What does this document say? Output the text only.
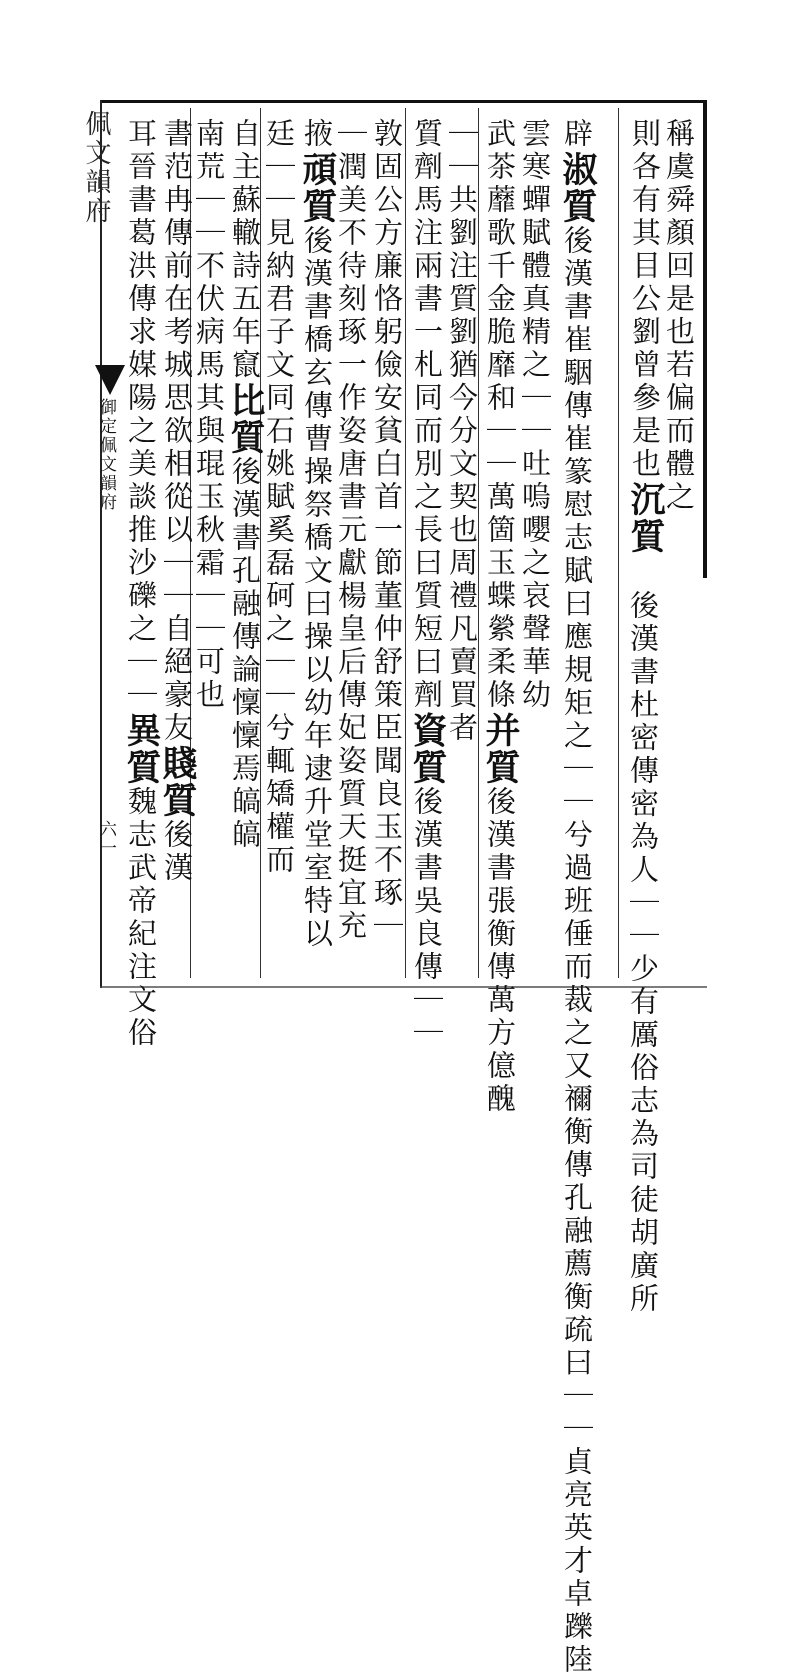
佩文韻府
御定佩文韻府
六一
稱虞舜顏回是也若偏而體之
則各有其目公劉曾參是也沉質
後漢書杜密傳密為人｜｜少有厲俗志為司徒胡廣所
辟淑質後漢書崔駰傳崔篆慰志賦曰應規矩之｜｜兮過班倕而裁之又禰衡傳孔融薦衡疏曰｜｜貞亮英才卓躒陸
雲寒蟬賦體真精之｜｜吐嗚嚶之哀聲華幼
武茶蘼歌千金脆靡和｜｜萬箇玉蝶縈柔條并質後漢書張衡傳萬方億醜
｜｜共劉注質劉猶今分文契也周禮凡賣買者
質劑馬注兩書一札同而別之長曰質短曰劑資質後漢書吳良傳｜｜
敦固公方廉恪躬儉安貧白首一節董仲舒策臣聞良玉不琢｜
｜潤美不待刻琢一作姿唐書元獻楊皇后傳妃姿質天挺宜充
掖頑質後漢書橋玄傳曹操祭橋文曰操以幼年逮升堂室特以
廷｜｜見納君子文同石姚賦奚磊砢之｜｜兮輒矯權而
自主蘇轍詩五年竄比質後漢書孔融傳論懍懍焉皜皜
南荒｜｜不伏病馬其與琨玉秋霜｜｜可也
書范冉傳前在考城思欲相從以｜｜自絕豪友賤質後漢
耳晉書葛洪傳求媒陽之美談推沙礫之｜｜異質魏志武帝紀注文俗
